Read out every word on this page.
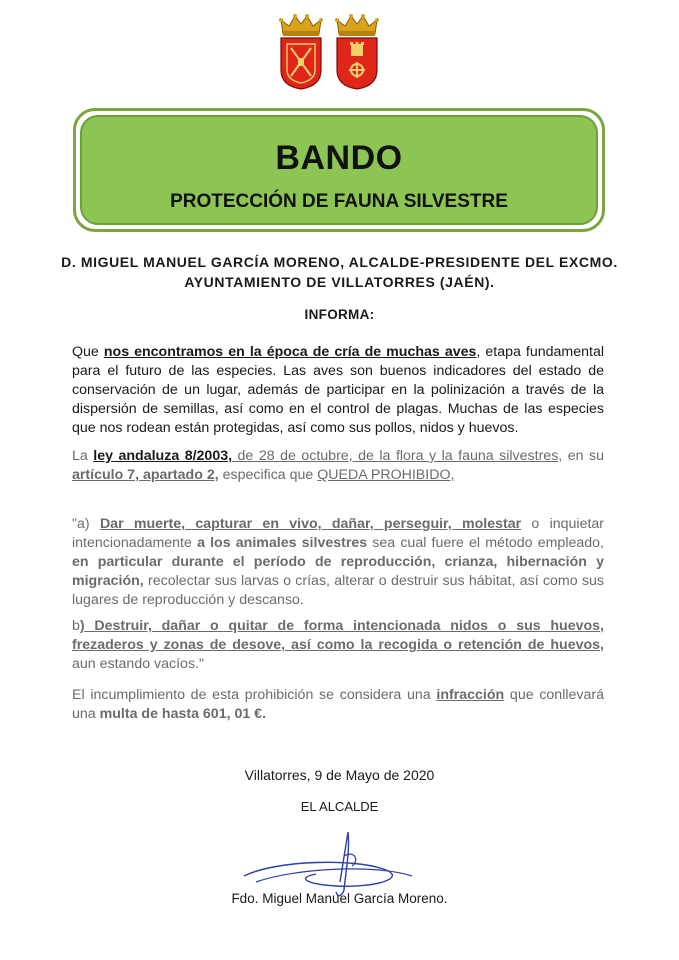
BANDO
PROTECCIÓN DE FAUNA SILVESTRE
D. MIGUEL MANUEL GARCÍA MORENO, ALCALDE-PRESIDENTE DEL EXCMO.
AYUNTAMIENTO DE VILLATORRES (JAÉN).
INFORMA:
Que nos encontramos en la época de cría de muchas aves, etapa fundamental para el futuro de las especies. Las aves son buenos indicadores del estado de conservación de un lugar, además de participar en la polinización a través de la dispersión de semillas, así como en el control de plagas. Muchas de las especies que nos rodean están protegidas, así como sus pollos, nidos y huevos.
La ley andaluza 8/2003, de 28 de octubre, de la flora y la fauna silvestres, en su artículo 7, apartado 2, especifica que QUEDA PROHIBIDO,
"a) Dar muerte, capturar en vivo, dañar, perseguir, molestar o inquietar intencionadamente a los animales silvestres sea cual fuere el método empleado, en particular durante el período de reproducción, crianza, hibernación y migración, recolectar sus larvas o crías, alterar o destruir sus hábitat, así como sus lugares de reproducción y descanso.
b) Destruir, dañar o quitar de forma intencionada nidos o sus huevos, frezaderos y zonas de desove, así como la recogida o retención de huevos, aun estando vacíos."
El incumplimiento de esta prohibición se considera una infracción que conllevará una multa de hasta 601, 01 €.
Villatorres, 9 de Mayo de 2020
EL ALCALDE
Fdo. Miguel Manuel García Moreno.
